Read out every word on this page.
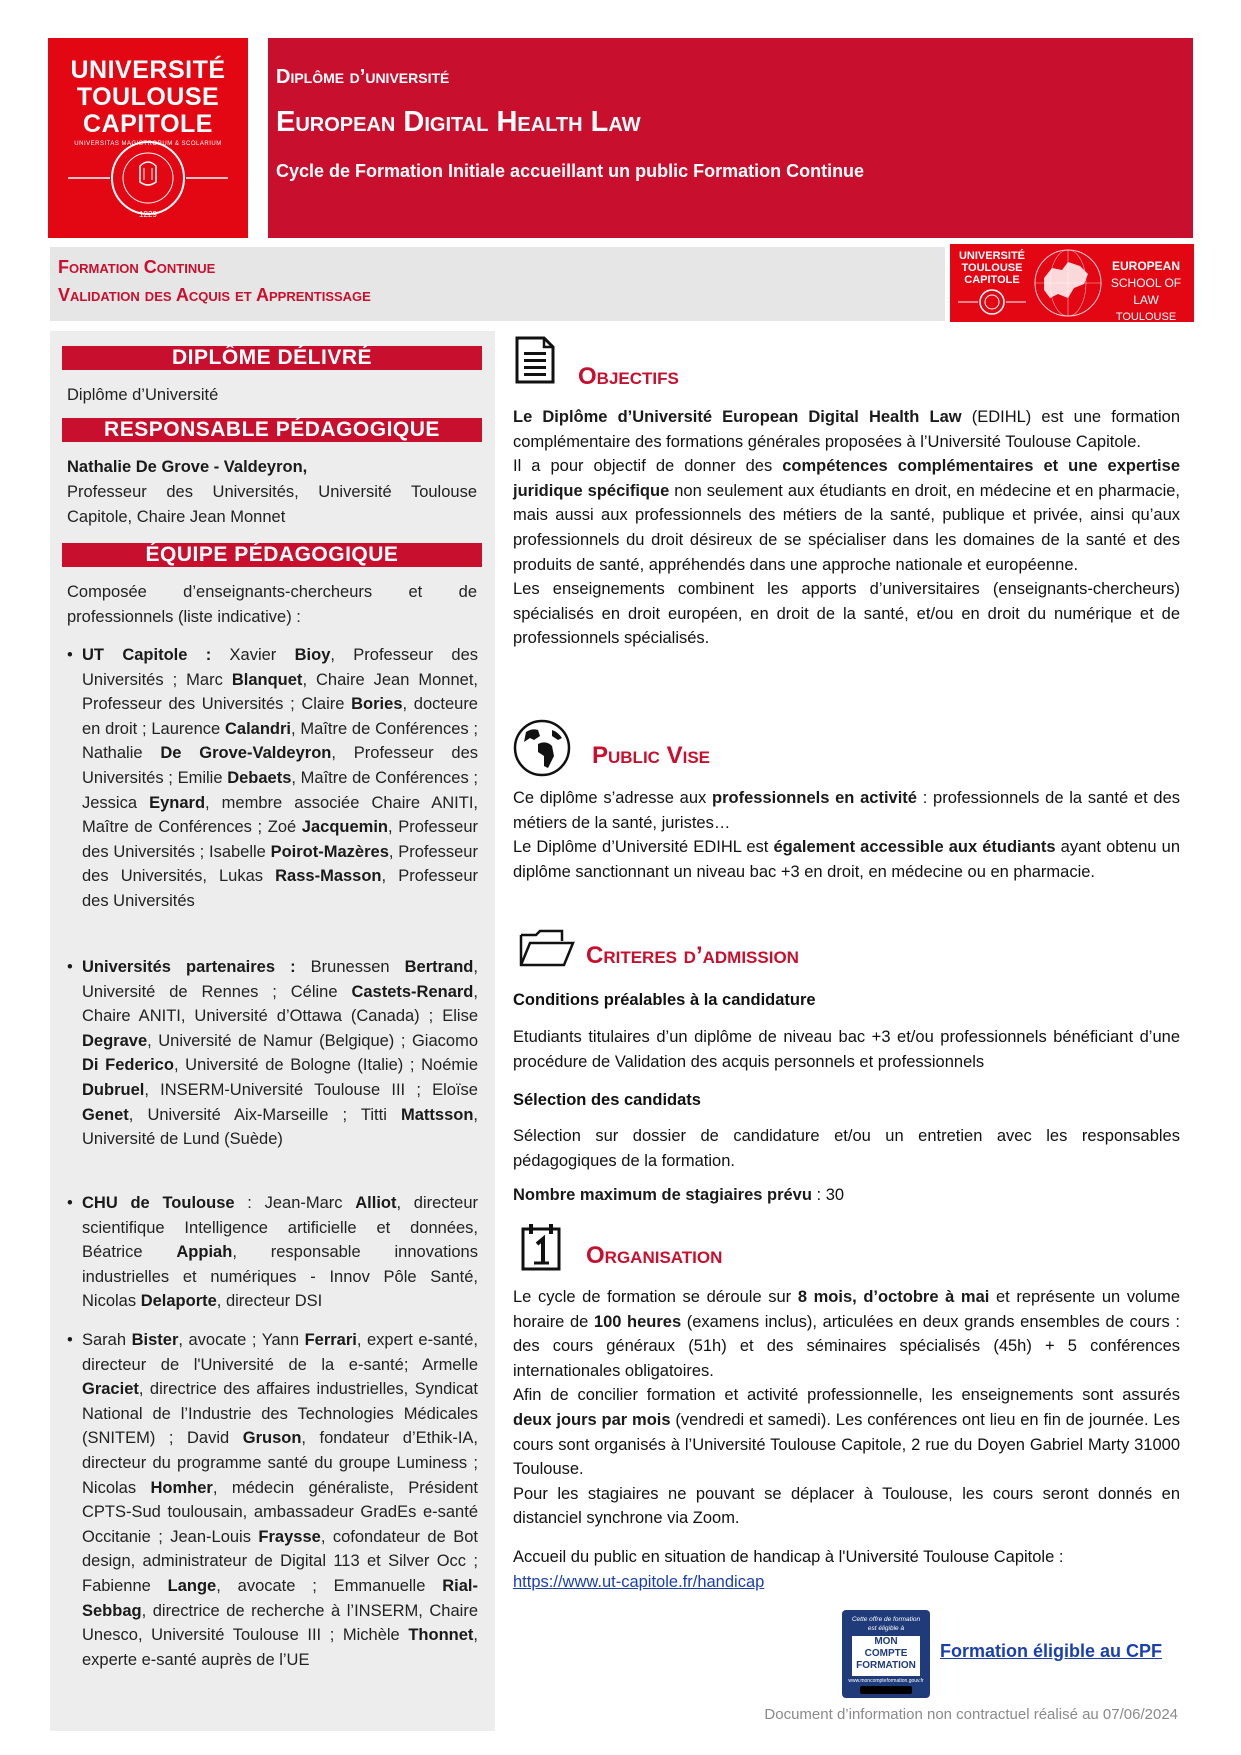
UNIVERSITÉ
TOULOUSE
CAPITOLE
UNIVERSITAS MAGISTRORUM & SCOLARIUM
1229
Diplôme d’université
European Digital Health Law
Cycle de Formation Initiale accueillant un public Formation Continue
Formation Continue
Validation des Acquis et Apprentissage
UNIVERSITÉ
TOULOUSE
CAPITOLE
EUROPEAN
SCHOOL OF LAW
TOULOUSE
DIPLÔME DÉLIVRÉ
Diplôme d’Université
RESPONSABLE PÉDAGOGIQUE
Nathalie De Grove - Valdeyron,
Professeur des Universités, Université Toulouse Capitole, Chaire Jean Monnet
ÉQUIPE PÉDAGOGIQUE
Composée d’enseignants-chercheurs et de professionnels (liste indicative) :
• UT Capitole : Xavier Bioy, Professeur des Universités ; Marc Blanquet, Chaire Jean Monnet, Professeur des Universités ; Claire Bories, docteure en droit ; Laurence Calandri, Maître de Conférences ; Nathalie De Grove-Valdeyron, Professeur des Universités ; Emilie Debaets, Maître de Conférences ; Jessica Eynard, membre associée Chaire ANITI, Maître de Conférences ; Zoé Jacquemin, Professeur des Universités ; Isabelle Poirot-Mazères, Professeur des Universités, Lukas Rass-Masson, Professeur des Universités
• Universités partenaires : Brunessen Bertrand, Université de Rennes ; Céline Castets-Renard, Chaire ANITI, Université d’Ottawa (Canada) ; Elise Degrave, Université de Namur (Belgique) ; Giacomo Di Federico, Université de Bologne (Italie) ; Noémie Dubruel, INSERM-Université Toulouse III ; Eloïse Genet, Université Aix-Marseille ; Titti Mattsson, Université de Lund (Suède)
• CHU de Toulouse : Jean-Marc Alliot, directeur scientifique Intelligence artificielle et données, Béatrice Appiah, responsable innovations industrielles et numériques - Innov Pôle Santé, Nicolas Delaporte, directeur DSI
• Sarah Bister, avocate ; Yann Ferrari, expert e-santé, directeur de l'Université de la e-santé; Armelle Graciet, directrice des affaires industrielles, Syndicat National de l’Industrie des Technologies Médicales (SNITEM) ; David Gruson, fondateur d’Ethik-IA, directeur du programme santé du groupe Luminess ; Nicolas Homher, médecin généraliste, Président CPTS-Sud toulousain, ambassadeur GradEs e-santé Occitanie ; Jean-Louis Fraysse, cofondateur de Bot design, administrateur de Digital 113 et Silver Occ ; Fabienne Lange, avocate ; Emmanuelle Rial-Sebbag, directrice de recherche à l’INSERM, Chaire Unesco, Université Toulouse III ; Michèle Thonnet, experte e-santé auprès de l’UE
Objectifs
Le Diplôme d’Université European Digital Health Law (EDIHL) est une formation complémentaire des formations générales proposées à l’Université Toulouse Capitole.
Il a pour objectif de donner des compétences complémentaires et une expertise juridique spécifique non seulement aux étudiants en droit, en médecine et en pharmacie, mais aussi aux professionnels des métiers de la santé, publique et privée, ainsi qu’aux professionnels du droit désireux de se spécialiser dans les domaines de la santé et des produits de santé, appréhendés dans une approche nationale et européenne.
Les enseignements combinent les apports d’universitaires (enseignants-chercheurs) spécialisés en droit européen, en droit de la santé, et/ou en droit du numérique et de professionnels spécialisés.
Public Vise
Ce diplôme s’adresse aux professionnels en activité : professionnels de la santé et des métiers de la santé, juristes…
Le Diplôme d’Université EDIHL est également accessible aux étudiants ayant obtenu un diplôme sanctionnant un niveau bac +3 en droit, en médecine ou en pharmacie.
Criteres d’admission
Conditions préalables à la candidature
Etudiants titulaires d’un diplôme de niveau bac +3 et/ou professionnels bénéficiant d’une procédure de Validation des acquis personnels et professionnels
Sélection des candidats
Sélection sur dossier de candidature et/ou un entretien avec les responsables pédagogiques de la formation.
Nombre maximum de stagiaires prévu : 30
Organisation
Le cycle de formation se déroule sur 8 mois, d’octobre à mai et représente un volume horaire de 100 heures (examens inclus), articulées en deux grands ensembles de cours : des cours généraux (51h) et des séminaires spécialisés (45h) + 5 conférences internationales obligatoires.
Afin de concilier formation et activité professionnelle, les enseignements sont assurés deux jours par mois (vendredi et samedi). Les conférences ont lieu en fin de journée. Les cours sont organisés à l’Université Toulouse Capitole, 2 rue du Doyen Gabriel Marty 31000 Toulouse.
Pour les stagiaires ne pouvant se déplacer à Toulouse, les cours seront donnés en distanciel synchrone via Zoom.
Accueil du public en situation de handicap à l'Université Toulouse Capitole :
https://www.ut-capitole.fr/handicap
Cette offre de formation
est éligible à
MON
COMPTE
FORMATION
www.moncompteformation.gouv.fr
Formation éligible au CPF
Document d’information non contractuel réalisé au 07/06/2024
